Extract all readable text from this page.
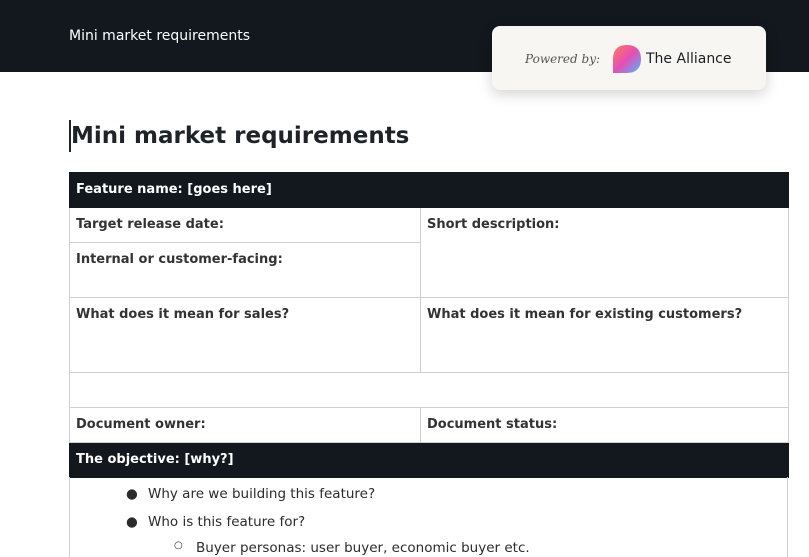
Mini market requirements
Powered by:	The Alliance
Mini market requirements
Feature name: [goes here]	
Target release date:	Short description:
Internal or customer-facing:	
What does it mean for sales?	What does it mean for existing customers?

Document owner:	Document status:
The objective: [why?]	
● Why are we building this feature?
● Who is this feature for?
○ Buyer personas: user buyer, economic buyer etc.
